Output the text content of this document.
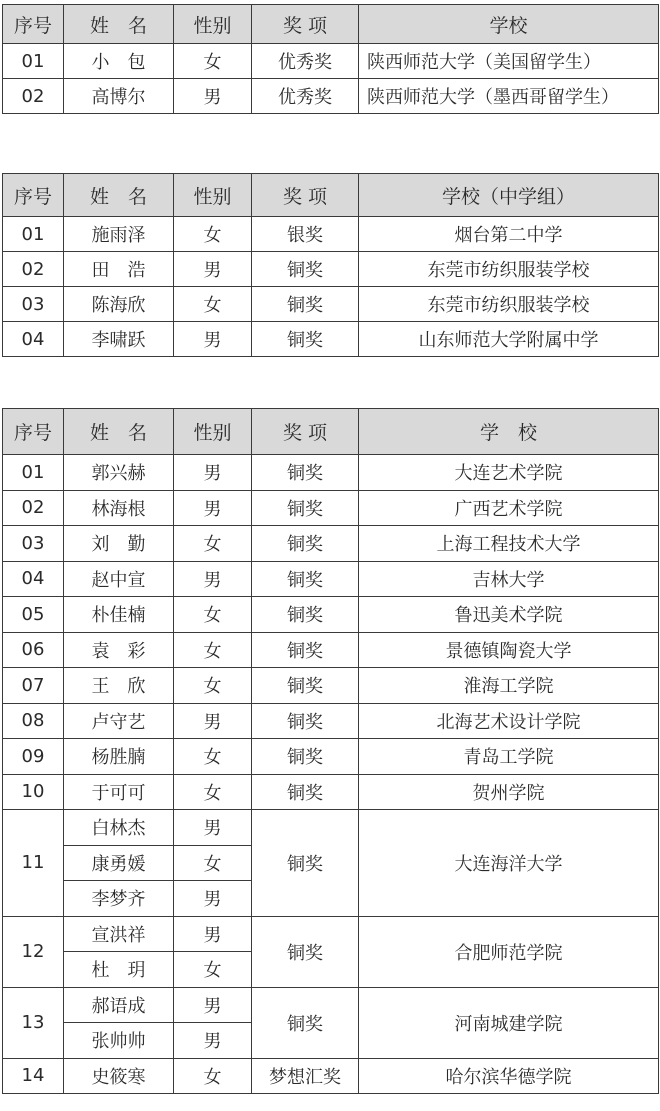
序号	姓　名	性别	奖 项	学校
01	小　包	女	优秀奖	陕西师范大学（美国留学生）
02	高博尔	男	优秀奖	陕西师范大学（墨西哥留学生）
序号	姓　名	性别	奖 项	学校（中学组）
01	施雨泽	女	银奖	烟台第二中学
02	田　浩	男	铜奖	东莞市纺织服装学校
03	陈海欣	女	铜奖	东莞市纺织服装学校
04	李啸跃	男	铜奖	山东师范大学附属中学
序号	姓　名	性别	奖 项	学　校
01	郭兴赫	男	铜奖	大连艺术学院
02	林海根	男	铜奖	广西艺术学院
03	刘　勤	女	铜奖	上海工程技术大学
04	赵中宣	男	铜奖	吉林大学
05	朴佳楠	女	铜奖	鲁迅美术学院
06	袁　彩	女	铜奖	景德镇陶瓷大学
07	王　欣	女	铜奖	淮海工学院
08	卢守艺	男	铜奖	北海艺术设计学院
09	杨胜腩	女	铜奖	青岛工学院
10	于可可	女	铜奖	贺州学院
11	白林杰	男	铜奖	大连海洋大学
	康勇媛	女		
	李梦齐	男		
12	宣洪祥	男	铜奖	合肥师范学院
	杜　玥	女		
13	郝语成	男	铜奖	河南城建学院
	张帅帅	男		
14	史筱寒	女	梦想汇奖	哈尔滨华德学院
